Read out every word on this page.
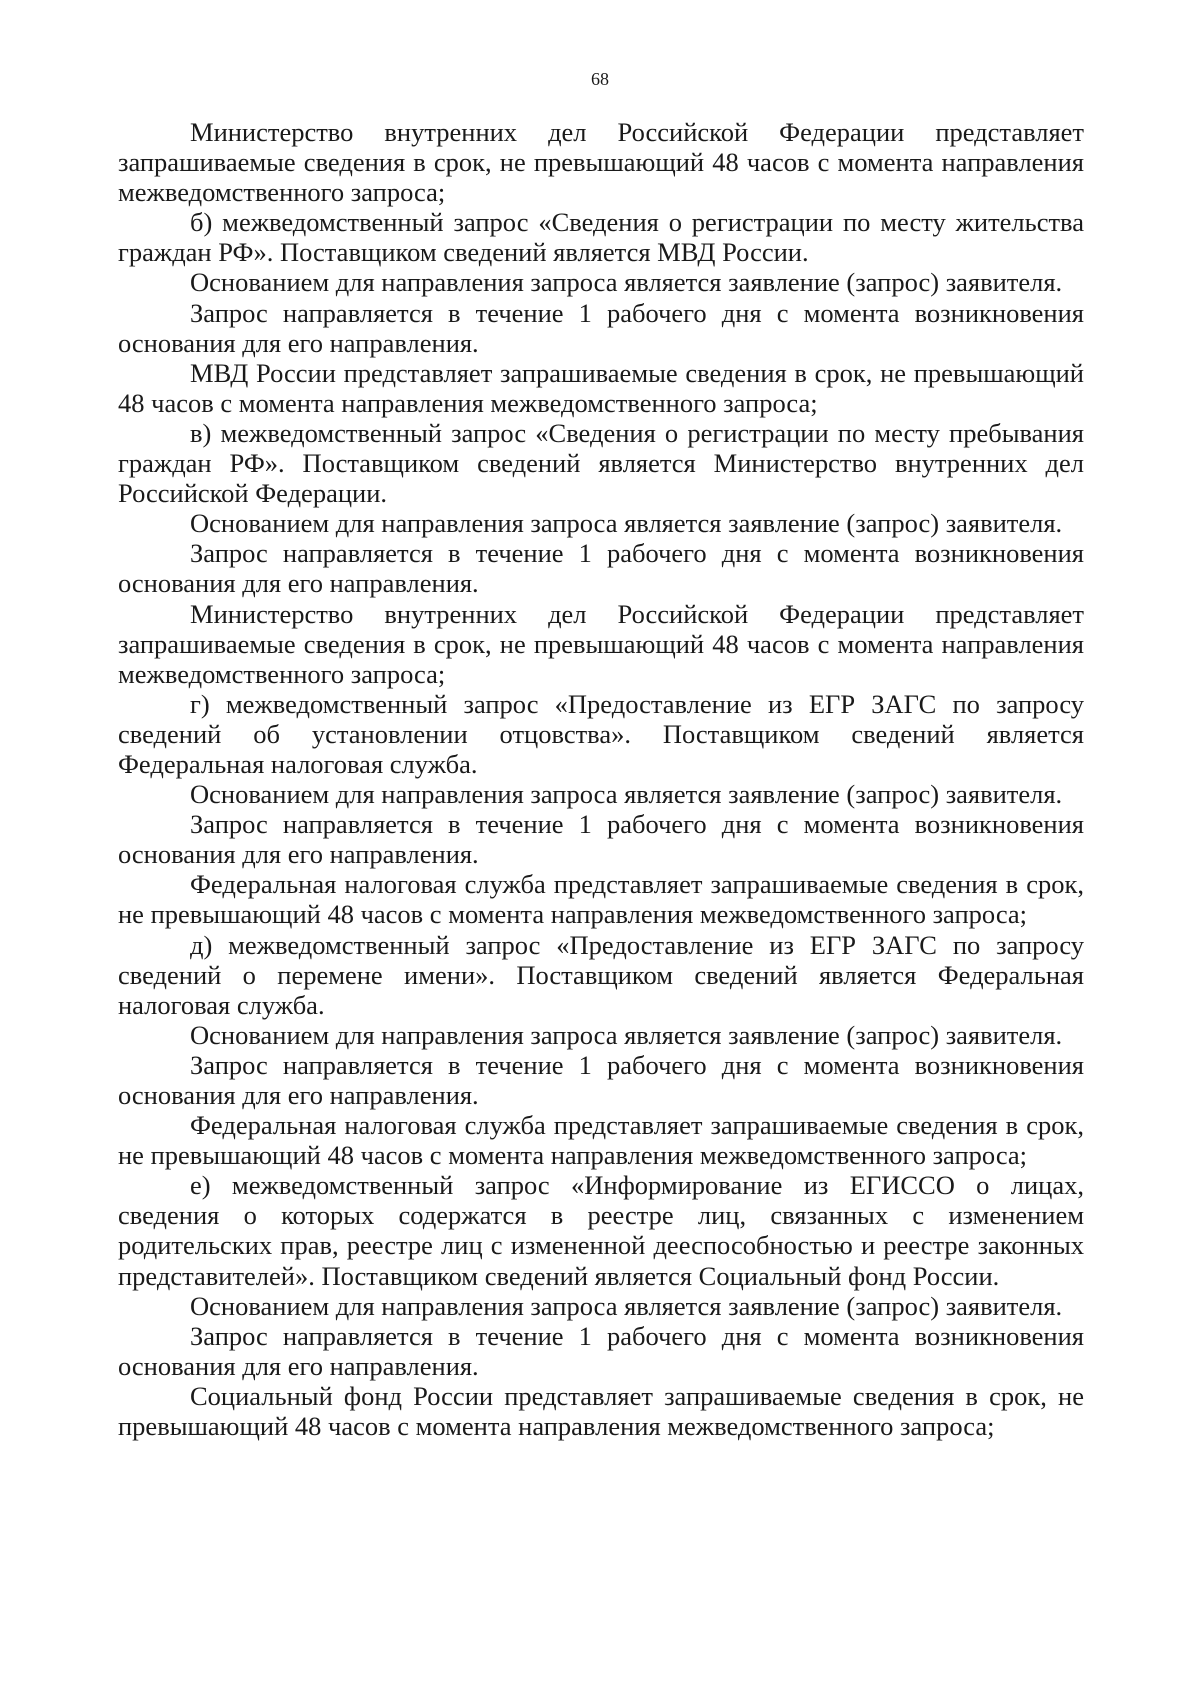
68

Министерство внутренних дел Российской Федерации представляет запрашиваемые сведения в срок, не превышающий 48 часов с момента направления межведомственного запроса;

б) межведомственный запрос «Сведения о регистрации по месту жительства граждан РФ». Поставщиком сведений является МВД России.

Основанием для направления запроса является заявление (запрос) заявителя.

Запрос направляется в течение 1 рабочего дня с момента возникновения основания для его направления.

МВД России представляет запрашиваемые сведения в срок, не превышающий 48 часов с момента направления межведомственного запроса;

в) межведомственный запрос «Сведения о регистрации по месту пребывания граждан РФ». Поставщиком сведений является Министерство внутренних дел Российской Федерации.

Основанием для направления запроса является заявление (запрос) заявителя.

Запрос направляется в течение 1 рабочего дня с момента возникновения основания для его направления.

Министерство внутренних дел Российской Федерации представляет запрашиваемые сведения в срок, не превышающий 48 часов с момента направления межведомственного запроса;

г) межведомственный запрос «Предоставление из ЕГР ЗАГС по запросу сведений об установлении отцовства». Поставщиком сведений является Федеральная налоговая служба.

Основанием для направления запроса является заявление (запрос) заявителя.

Запрос направляется в течение 1 рабочего дня с момента возникновения основания для его направления.

Федеральная налоговая служба представляет запрашиваемые сведения в срок, не превышающий 48 часов с момента направления межведомственного запроса;

д) межведомственный запрос «Предоставление из ЕГР ЗАГС по запросу сведений о перемене имени». Поставщиком сведений является Федеральная налоговая служба.

Основанием для направления запроса является заявление (запрос) заявителя.

Запрос направляется в течение 1 рабочего дня с момента возникновения основания для его направления.

Федеральная налоговая служба представляет запрашиваемые сведения в срок, не превышающий 48 часов с момента направления межведомственного запроса;

е) межведомственный запрос «Информирование из ЕГИССО о лицах, сведения о которых содержатся в реестре лиц, связанных с изменением родительских прав, реестре лиц с измененной дееспособностью и реестре законных представителей». Поставщиком сведений является Социальный фонд России.

Основанием для направления запроса является заявление (запрос) заявителя.

Запрос направляется в течение 1 рабочего дня с момента возникновения основания для его направления.

Социальный фонд России представляет запрашиваемые сведения в срок, не превышающий 48 часов с момента направления межведомственного запроса;
